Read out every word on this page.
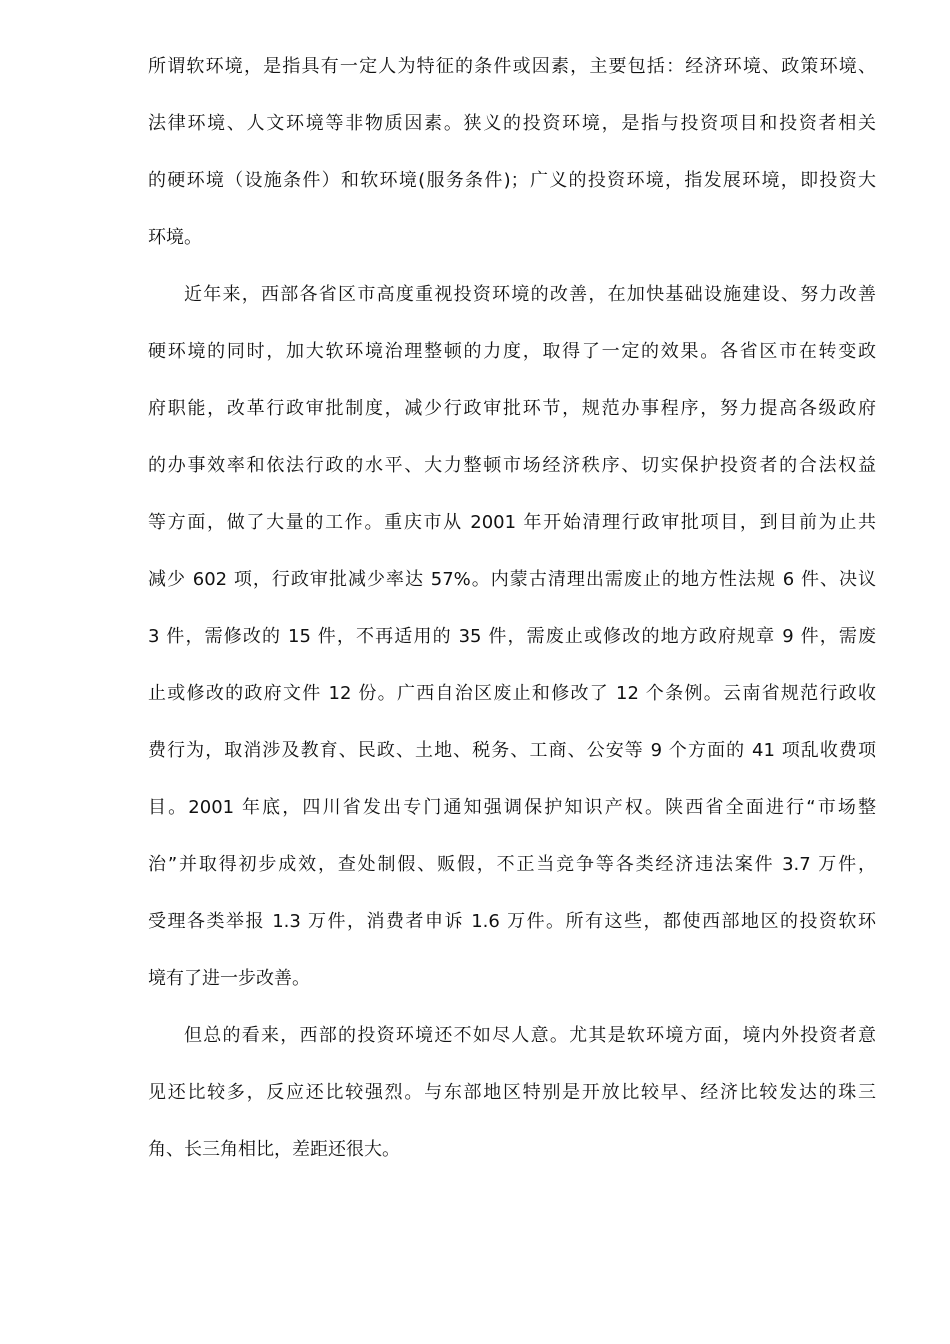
所谓软环境，是指具有一定人为特征的条件或因素，主要包括：经济环境、政策环境、
法律环境、人文环境等非物质因素。狭义的投资环境，是指与投资项目和投资者相关
的硬环境（设施条件）和软环境(服务条件)；广义的投资环境，指发展环境，即投资大
环境。
近年来，西部各省区市高度重视投资环境的改善，在加快基础设施建设、努力改善
硬环境的同时，加大软环境治理整顿的力度，取得了一定的效果。各省区市在转变政
府职能，改革行政审批制度，减少行政审批环节，规范办事程序，努力提高各级政府
的办事效率和依法行政的水平、大力整顿市场经济秩序、切实保护投资者的合法权益
等方面，做了大量的工作。重庆市从 2001 年开始清理行政审批项目，到目前为止共
减少 602 项，行政审批减少率达 57%。内蒙古清理出需废止的地方性法规 6 件、决议
3 件，需修改的 15 件，不再适用的 35 件，需废止或修改的地方政府规章 9 件，需废
止或修改的政府文件 12 份。广西自治区废止和修改了 12 个条例。云南省规范行政收
费行为，取消涉及教育、民政、土地、税务、工商、公安等 9 个方面的 41 项乱收费项
目。2001 年底，四川省发出专门通知强调保护知识产权。陕西省全面进行“市场整
治”并取得初步成效，查处制假、贩假，不正当竞争等各类经济违法案件 3.7 万件，
受理各类举报 1.3 万件，消费者申诉 1.6 万件。所有这些，都使西部地区的投资软环
境有了进一步改善。
但总的看来，西部的投资环境还不如尽人意。尤其是软环境方面，境内外投资者意
见还比较多，反应还比较强烈。与东部地区特别是开放比较早、经济比较发达的珠三
角、长三角相比，差距还很大。
